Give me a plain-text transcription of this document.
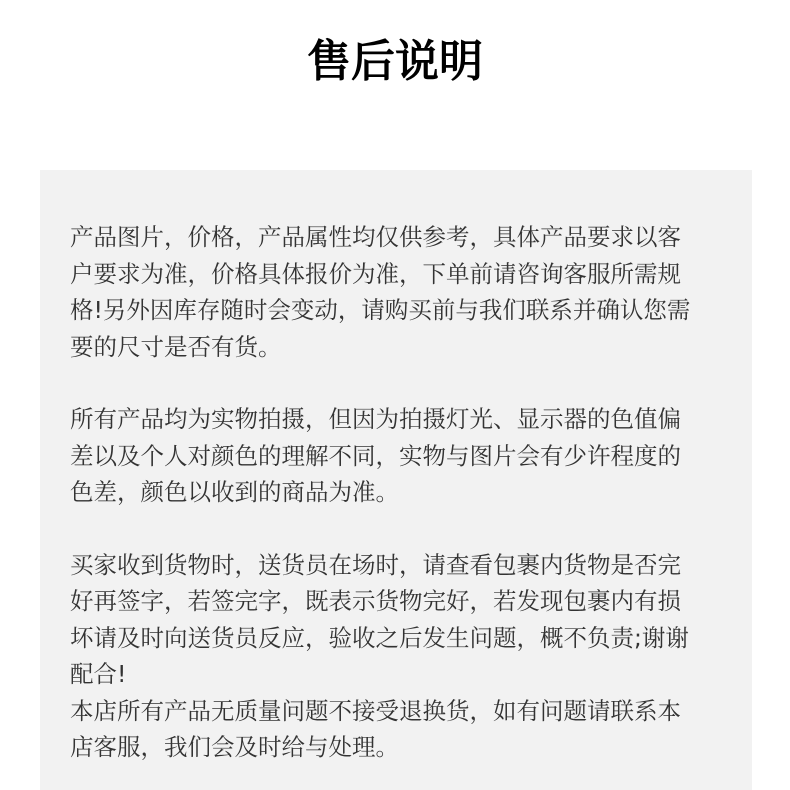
售后说明

产品图片，价格，产品属性均仅供参考，具体产品要求以客
户要求为准，价格具体报价为准，下单前请咨询客服所需规
格!另外因库存随时会变动，请购买前与我们联系并确认您需
要的尺寸是否有货。

所有产品均为实物拍摄，但因为拍摄灯光、显示器的色值偏
差以及个人对颜色的理解不同，实物与图片会有少许程度的
色差，颜色以收到的商品为准。

买家收到货物时，送货员在场时，请查看包裹内货物是否完
好再签字，若签完字，既表示货物完好，若发现包裹内有损
坏请及时向送货员反应，验收之后发生问题，概不负责;谢谢
配合!
本店所有产品无质量问题不接受退换货，如有问题请联系本
店客服，我们会及时给与处理。
